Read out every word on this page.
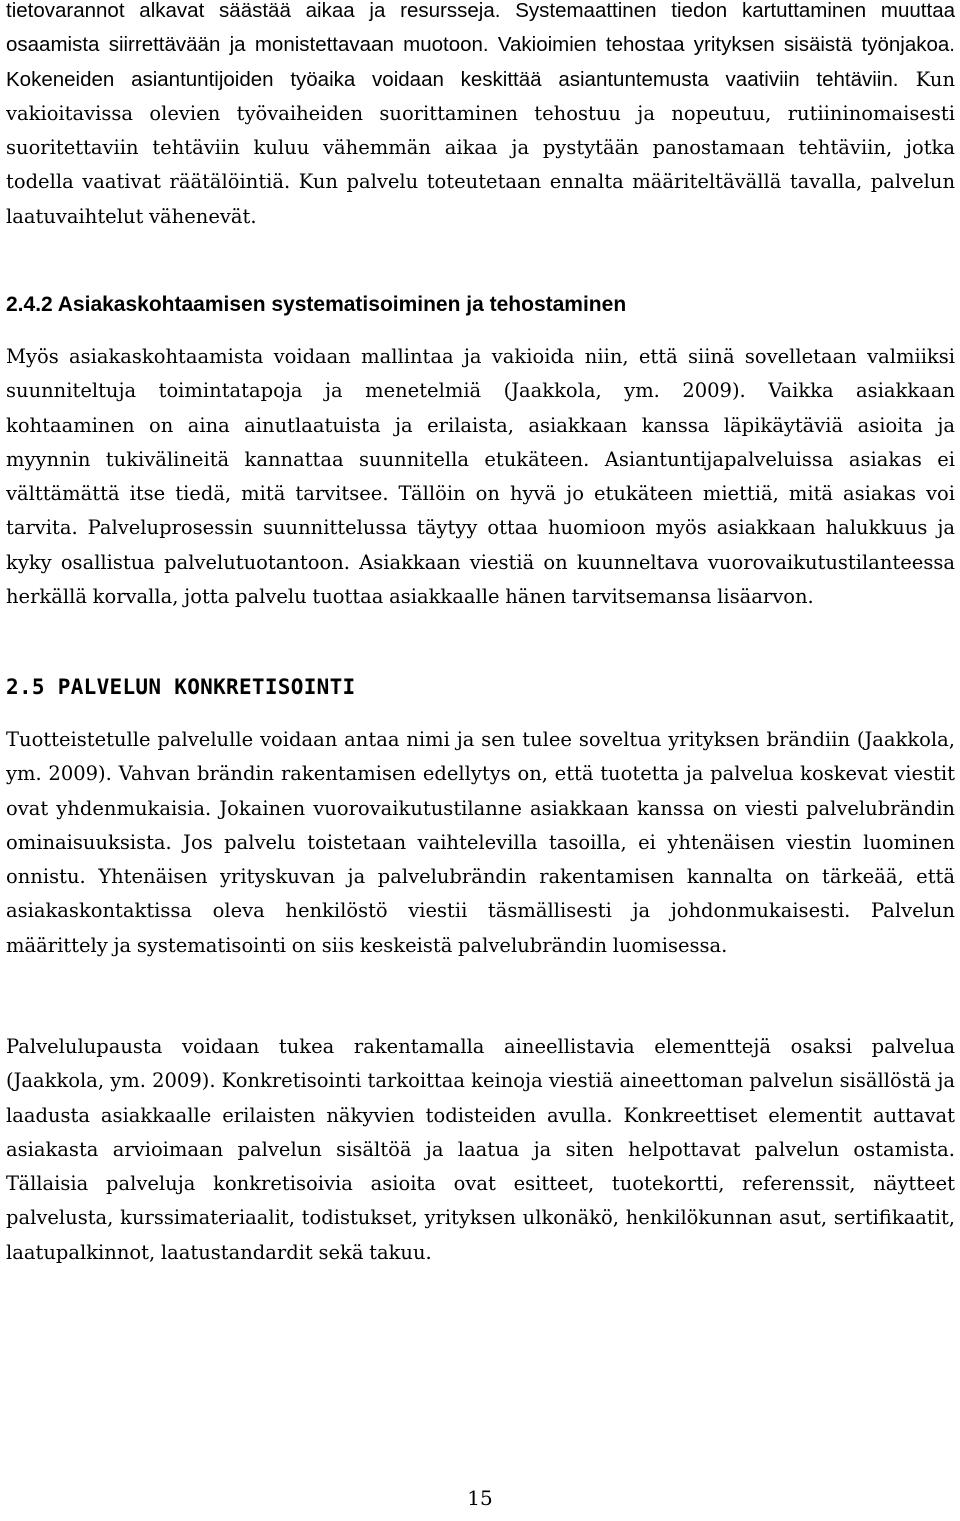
tietovarannot alkavat säästää aikaa ja resursseja. Systemaattinen tiedon kartuttaminen muuttaa osaamista siirrettävään ja monistettavaan muotoon. Vakioimien tehostaa yrityksen sisäistä työnjakoa. Kokeneiden asiantuntijoiden työaika voidaan keskittää asiantuntemusta vaativiin tehtäviin. Kun vakioitavissa olevien työvaiheiden suorittaminen tehostuu ja nopeutuu, rutiininomaisesti suoritettaviin tehtäviin kuluu vähemmän aikaa ja pystytään panostamaan tehtäviin, jotka todella vaativat räätälöintiä. Kun palvelu toteutetaan ennalta määriteltävällä tavalla, palvelun laatuvaihtelut vähenevät.

2.4.2 Asiakaskohtaamisen systematisoiminen ja tehostaminen

Myös asiakaskohtaamista voidaan mallintaa ja vakioida niin, että siinä sovelletaan valmiiksi suunniteltuja toimintatapoja ja menetelmiä (Jaakkola, ym. 2009). Vaikka asiakkaan kohtaaminen on aina ainutlaatuista ja erilaista, asiakkaan kanssa läpikäytäviä asioita ja myynnin tukivälineitä kannattaa suunnitella etukäteen. Asiantuntijapalveluissa asiakas ei välttämättä itse tiedä, mitä tarvitsee. Tällöin on hyvä jo etukäteen miettiä, mitä asiakas voi tarvita. Palveluprosessin suunnittelussa täytyy ottaa huomioon myös asiakkaan halukkuus ja kyky osallistua palvelutuotantoon. Asiakkaan viestiä on kuunneltava vuorovaikutustilanteessa herkällä korvalla, jotta palvelu tuottaa asiakkaalle hänen tarvitsemansa lisäarvon.

2.5 PALVELUN KONKRETISOINTI

Tuotteistetulle palvelulle voidaan antaa nimi ja sen tulee soveltua yrityksen brändiin (Jaakkola, ym. 2009). Vahvan brändin rakentamisen edellytys on, että tuotetta ja palvelua koskevat viestit ovat yhdenmukaisia. Jokainen vuorovaikutustilanne asiakkaan kanssa on viesti palvelubrändin ominaisuuksista. Jos palvelu toistetaan vaihtelevilla tasoilla, ei yhtenäisen viestin luominen onnistu. Yhtenäisen yrityskuvan ja palvelubrändin rakentamisen kannalta on tärkeää, että asiakaskontaktissa oleva henkilöstö viestii täsmällisesti ja johdonmukaisesti. Palvelun määrittely ja systematisointi on siis keskeistä palvelubrändin luomisessa.

Palvelulupausta voidaan tukea rakentamalla aineellistavia elementtejä osaksi palvelua (Jaakkola, ym. 2009). Konkretisointi tarkoittaa keinoja viestiä aineettoman palvelun sisällöstä ja laadusta asiakkaalle erilaisten näkyvien todisteiden avulla. Konkreettiset elementit auttavat asiakasta arvioimaan palvelun sisältöä ja laatua ja siten helpottavat palvelun ostamista. Tällaisia palveluja konkretisoivia asioita ovat esitteet, tuotekortti, referenssit, näytteet palvelusta, kurssimateriaalit, todistukset, yrityksen ulkonäkö, henkilökunnan asut, sertifikaatit, laatupalkinnot, laatustandardit sekä takuu.

15
